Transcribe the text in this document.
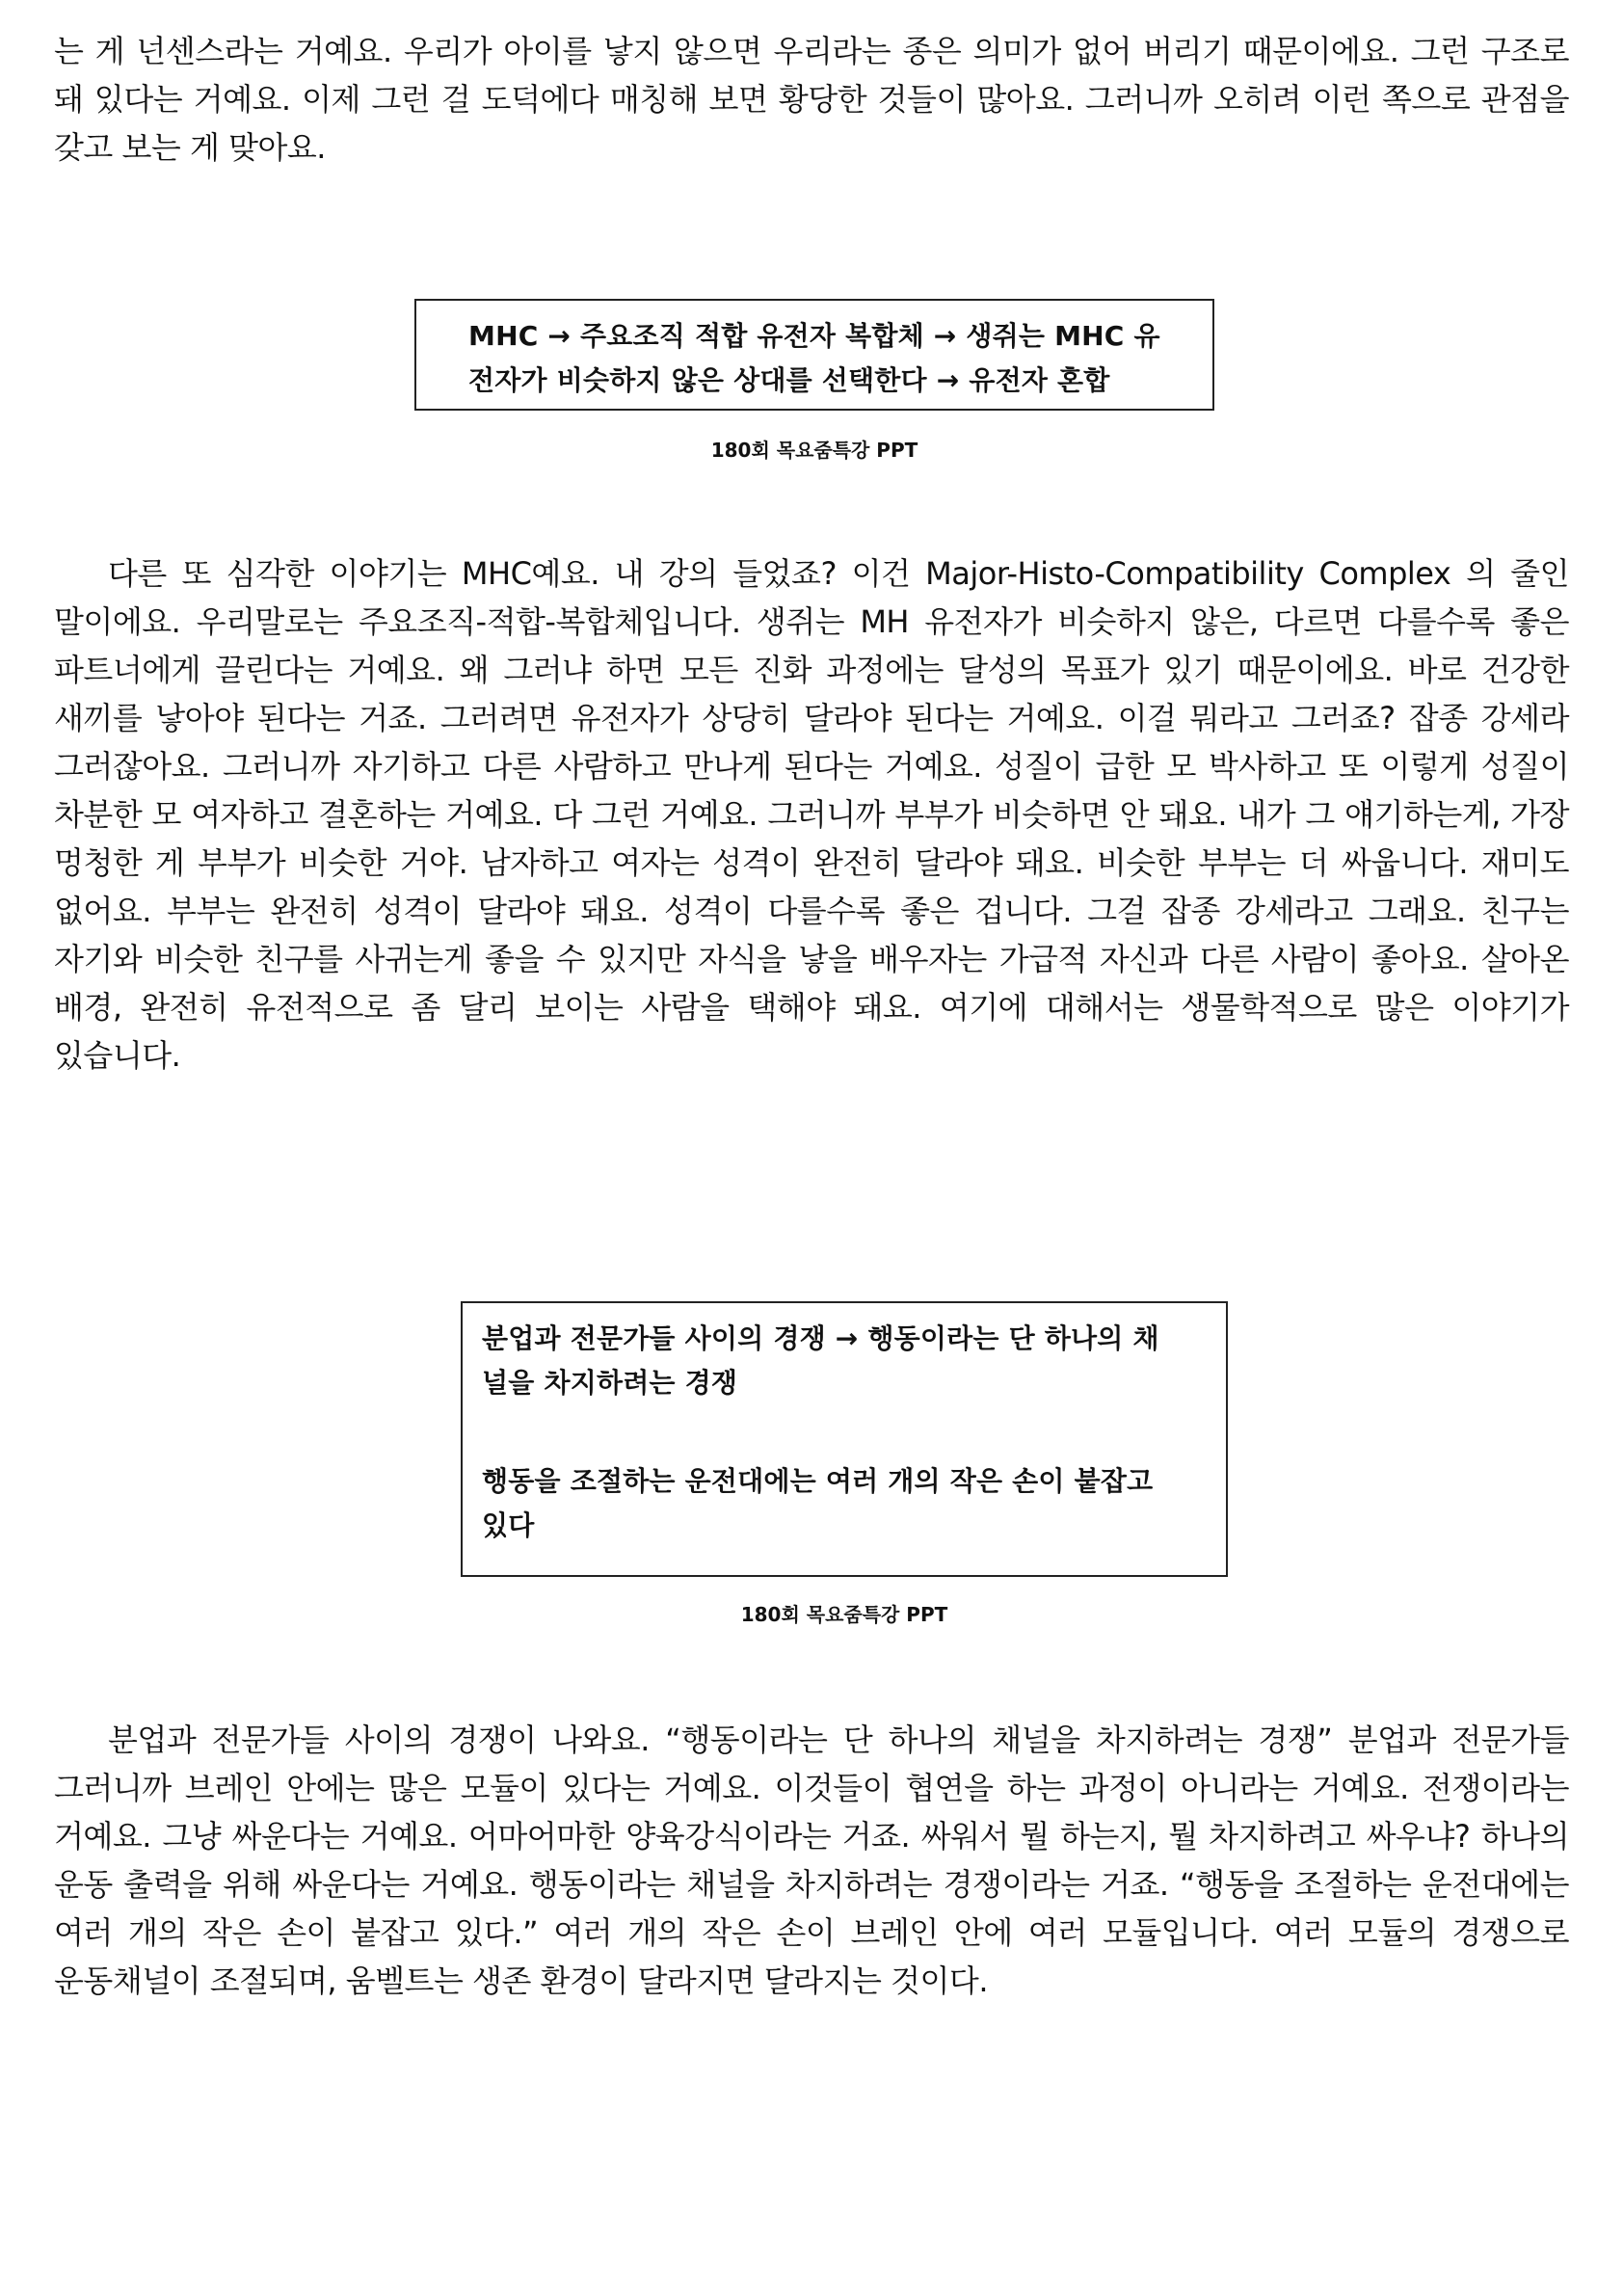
는 게 넌센스라는 거예요. 우리가 아이를 낳지 않으면 우리라는 종은 의미가 없어 버리기 때문이에요. 그런 구조로 돼 있다는 거예요. 이제 그런 걸 도덕에다 매칭해 보면 황당한 것들이 많아요. 그러니까 오히려 이런 쪽으로 관점을 갖고 보는 게 맞아요.

MHC → 주요조직 적합 유전자 복합체 → 생쥐는 MHC 유

전자가 비슷하지 않은 상대를 선택한다 → 유전자 혼합

180회 목요줌특강 PPT

다른 또 심각한 이야기는 MHC예요. 내 강의 들었죠? 이건 Major-Histo-Compatibility Complex 의 줄인 말이에요. 우리말로는 주요조직-적합-복합체입니다. 생쥐는 MH 유전자가 비슷하지 않은, 다르면 다를수록 좋은 파트너에게 끌린다는 거예요. 왜 그러냐 하면 모든 진화 과정에는 달성의 목표가 있기 때문이에요. 바로 건강한 새끼를 낳아야 된다는 거죠. 그러려면 유전자가 상당히 달라야 된다는 거예요. 이걸 뭐라고 그러죠? 잡종 강세라 그러잖아요. 그러니까 자기하고 다른 사람하고 만나게 된다는 거예요. 성질이 급한 모 박사하고 또 이렇게 성질이 차분한 모 여자하고 결혼하는 거예요. 다 그런 거예요. 그러니까 부부가 비슷하면 안 돼요. 내가 그 얘기하는게, 가장 멍청한 게 부부가 비슷한 거야. 남자하고 여자는 성격이 완전히 달라야 돼요. 비슷한 부부는 더 싸웁니다. 재미도 없어요. 부부는 완전히 성격이 달라야 돼요. 성격이 다를수록 좋은 겁니다. 그걸 잡종 강세라고 그래요. 친구는 자기와 비슷한 친구를 사귀는게 좋을 수 있지만 자식을 낳을 배우자는 가급적 자신과 다른 사람이 좋아요. 살아온 배경, 완전히 유전적으로 좀 달리 보이는 사람을 택해야 돼요. 여기에 대해서는 생물학적으로 많은 이야기가 있습니다.

분업과 전문가들 사이의 경쟁 → 행동이라는 단 하나의 채

널을 차지하려는 경쟁

행동을 조절하는 운전대에는 여러 개의 작은 손이 붙잡고

있다

180회 목요줌특강 PPT

분업과 전문가들 사이의 경쟁이 나와요. “행동이라는 단 하나의 채널을 차지하려는 경쟁” 분업과 전문가들 그러니까 브레인 안에는 많은 모듈이 있다는 거예요. 이것들이 협연을 하는 과정이 아니라는 거예요. 전쟁이라는 거예요. 그냥 싸운다는 거예요. 어마어마한 양육강식이라는 거죠. 싸워서 뭘 하는지, 뭘 차지하려고 싸우냐? 하나의 운동 출력을 위해 싸운다는 거예요. 행동이라는 채널을 차지하려는 경쟁이라는 거죠. “행동을 조절하는 운전대에는 여러 개의 작은 손이 붙잡고 있다.” 여러 개의 작은 손이 브레인 안에 여러 모듈입니다. 여러 모듈의 경쟁으로 운동채널이 조절되며, 움벨트는 생존 환경이 달라지면 달라지는 것이다.
